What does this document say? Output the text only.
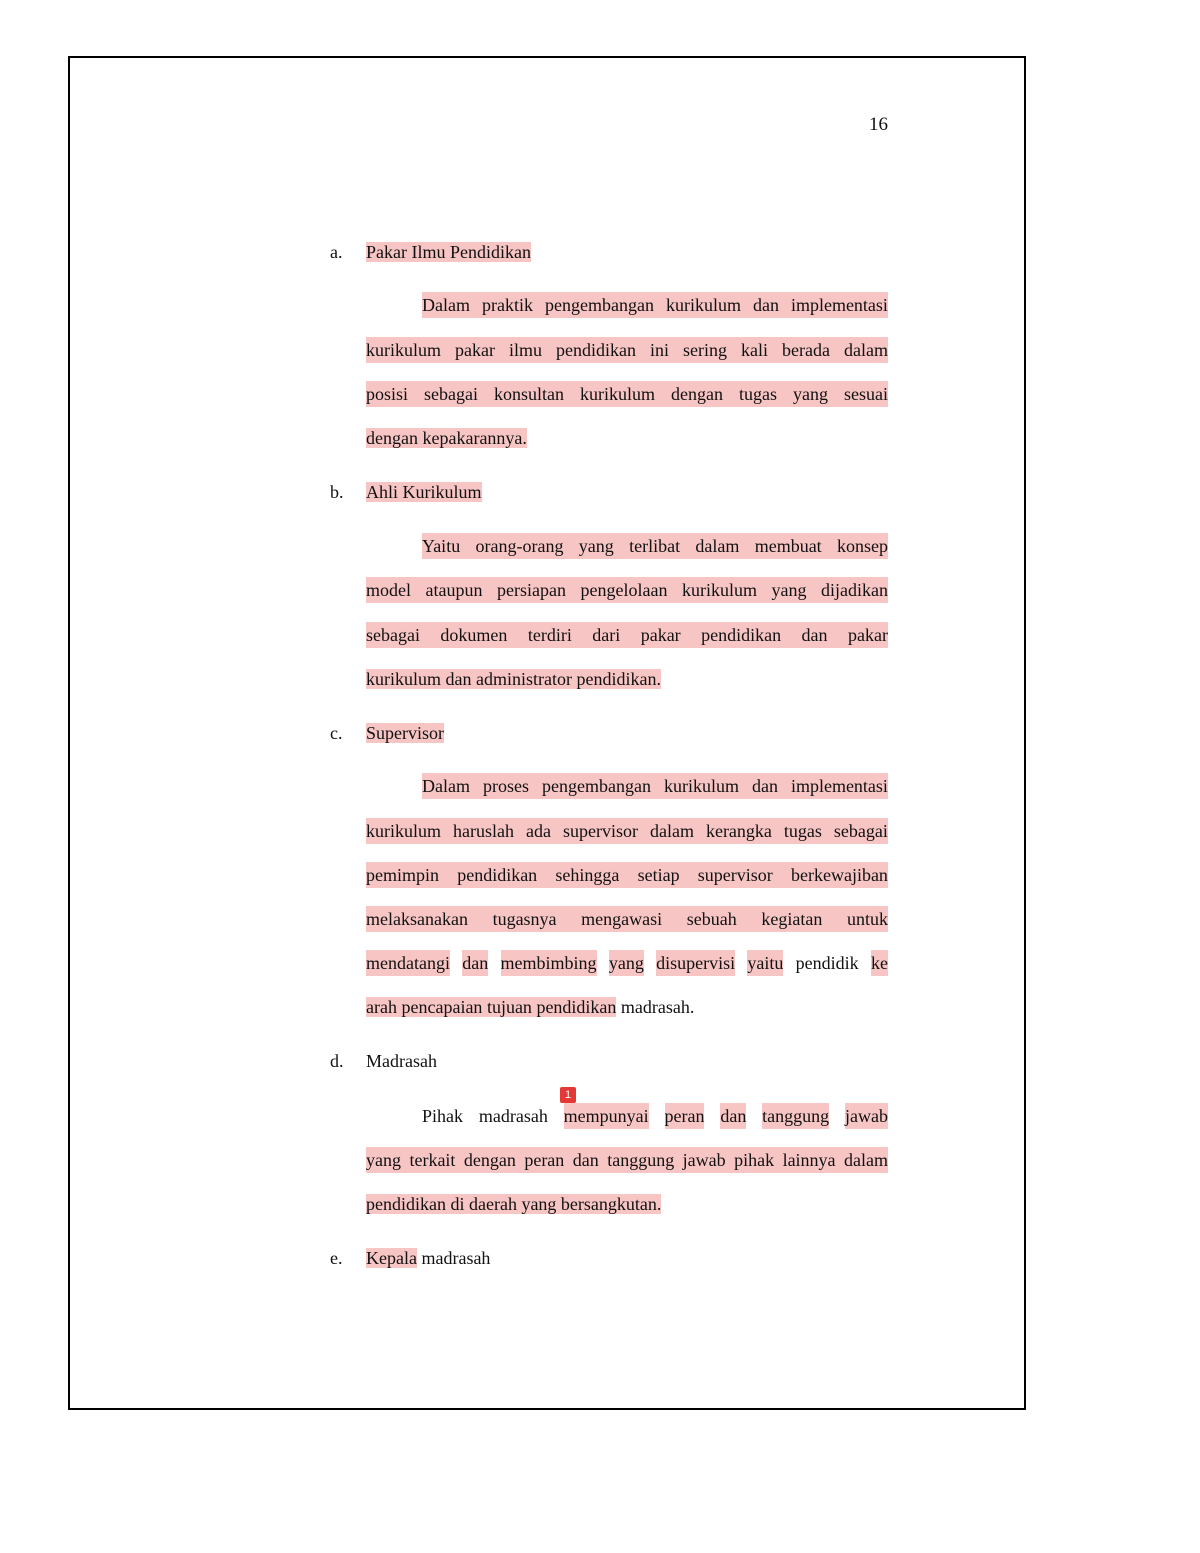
16
a. Pakar Ilmu Pendidikan
Dalam praktik pengembangan kurikulum dan implementasi
kurikulum pakar ilmu pendidikan ini sering kali berada dalam
posisi sebagai konsultan kurikulum dengan tugas yang sesuai
dengan kepakarannya.
b. Ahli Kurikulum
Yaitu orang-orang yang terlibat dalam membuat konsep
model ataupun persiapan pengelolaan kurikulum yang dijadikan
sebagai dokumen terdiri dari pakar pendidikan dan pakar
kurikulum dan administrator pendidikan.
c. Supervisor
Dalam proses pengembangan kurikulum dan implementasi
kurikulum haruslah ada supervisor dalam kerangka tugas sebagai
pemimpin pendidikan sehingga setiap supervisor berkewajiban
melaksanakan tugasnya mengawasi sebuah kegiatan untuk
mendatangi dan membimbing yang disupervisi yaitu pendidik ke
arah pencapaian tujuan pendidikan madrasah.
d. Madrasah
1
Pihak madrasah mempunyai peran dan tanggung jawab
yang terkait dengan peran dan tanggung jawab pihak lainnya dalam
pendidikan di daerah yang bersangkutan.
e. Kepala madrasah
